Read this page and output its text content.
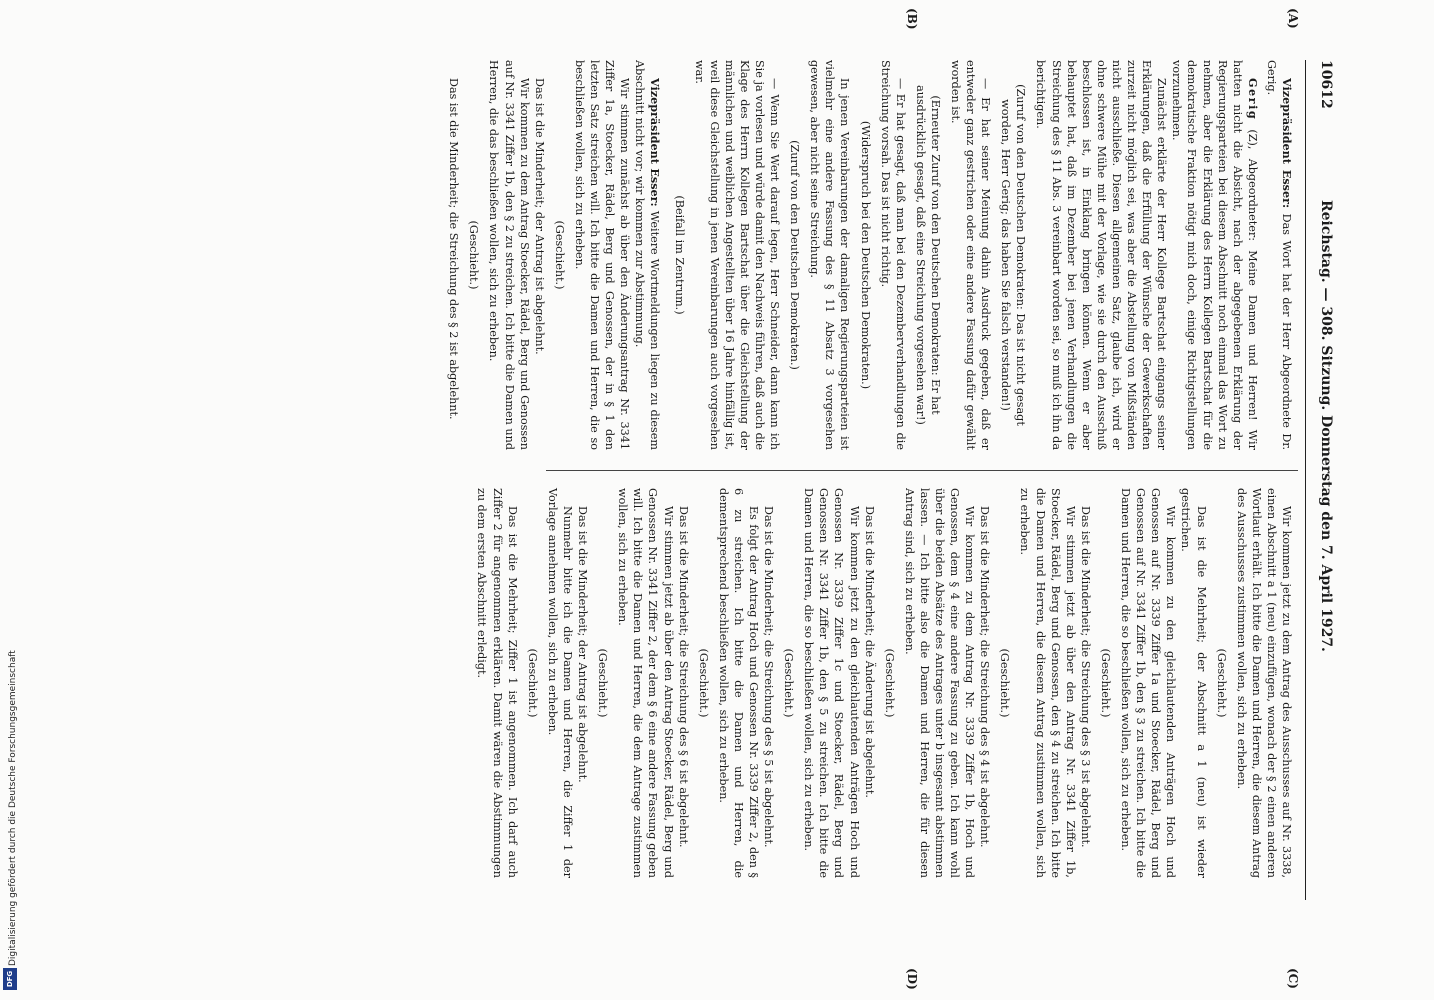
10612
Reichstag. — 308. Sitzung. Donnerstag den 7. April 1927.
(A)
(B)
(C)
(D)

Vizepräsident Esser: Das Wort hat der Herr Abgeordnete Dr. Gerig.

Gerig (Z), Abgeordneter: Meine Damen und Herren! Wir hatten nicht die Absicht, nach der abgegebenen Erklärung der Regierungsparteien bei diesem Abschnitt noch einmal das Wort zu nehmen, aber die Erklärung des Herrn Kollegen Bartschat für die demokratische Fraktion nötigt mich doch, einige Richtigstellungen vorzunehmen.

Zunächst erklärte der Herr Kollege Bartschat eingangs seiner Erklärungen, daß die Erfüllung der Wünsche der Gewerkschaften zurzeit nicht möglich sei, was aber die Abstellung von Mißständen nicht ausschließe. Diesen allgemeinen Satz, glaube ich, wird er ohne schwere Mühe mit der Vorlage, wie sie durch den Ausschuß beschlossen ist, in Einklang bringen können. Wenn er aber behauptet hat, daß im Dezember bei jenen Verhandlungen die Streichung des § 11 Abs. 3 vereinbart worden sei, so muß ich ihn da berichtigen.

(Zuruf von den Deutschen Demokraten: Das ist nicht gesagt worden, Herr Gerig; das haben Sie falsch verstanden!)

— Er hat seiner Meinung dahin Ausdruck gegeben, daß er entweder ganz gestrichen oder eine andere Fassung dafür gewählt worden ist.

(Erneuter Zuruf von den Deutschen Demokraten: Er hat ausdrücklich gesagt, daß eine Streichung vorgesehen war!)

— Er hat gesagt, daß man bei den Dezemberverhandlungen die Streichung vorsah. Das ist nicht richtig.

(Widerspruch bei den Deutschen Demokraten.)

In jenen Vereinbarungen der damaligen Regierungsparteien ist vielmehr eine andere Fassung des § 11 Absatz 3 vorgesehen gewesen, aber nicht seine Streichung.

(Zuruf von den Deutschen Demokraten.)

— Wenn Sie Wert darauf legen, Herr Schneider, dann kann ich Sie ja vorlesen und würde damit den Nachweis führen, daß auch die Klage des Herrn Kollegen Bartschat über die Gleichstellung der männlichen und weiblichen Angestellten über 16 Jahre hinfällig ist, weil diese Gleichstellung in jenen Vereinbarungen auch vorgesehen war.

(Beifall im Zentrum.)

Vizepräsident Esser: Weitere Wortmeldungen liegen zu diesem Abschnitt nicht vor; wir kommen zur Abstimmung.

Wir stimmen zunächst ab über den Änderungsantrag Nr. 3341 Ziffer 1a, Stoecker, Rädel, Berg und Genossen, der in § 1 den letzten Satz streichen will. Ich bitte die Damen und Herren, die so beschließen wollen, sich zu erheben.

(Geschieht.)

Das ist die Minderheit; der Antrag ist abgelehnt.

Wir kommen zu dem Antrag Stoecker, Rädel, Berg und Genossen auf Nr. 3341 Ziffer 1b, den § 2 zu streichen. Ich bitte die Damen und Herren, die das beschließen wollen, sich zu erheben.

(Geschieht.)

Das ist die Minderheit; die Streichung des § 2 ist abgelehnt.

Wir kommen jetzt zu dem Antrag des Ausschusses auf Nr. 3338, einen Abschnitt a 1 (neu) einzufügen, wonach der § 2 einen anderen Wortlaut erhält. Ich bitte die Damen und Herren, die diesem Antrag des Ausschusses zustimmen wollen, sich zu erheben.

(Geschieht.)

Das ist die Mehrheit; der Abschnitt a 1 (neu) ist wieder gestrichen.

Wir kommen zu den gleichlautenden Anträgen Hoch und Genossen auf Nr. 3339 Ziffer 1a und Stoecker, Rädel, Berg und Genossen auf Nr. 3341 Ziffer 1b, den § 3 zu streichen. Ich bitte die Damen und Herren, die so beschließen wollen, sich zu erheben.

(Geschieht.)

Das ist die Minderheit; die Streichung des § 3 ist abgelehnt.

Wir stimmen jetzt ab über den Antrag Nr. 3341 Ziffer 1b, Stoecker, Rädel, Berg und Genossen, den § 4 zu streichen. Ich bitte die Damen und Herren, die diesem Antrag zustimmen wollen, sich zu erheben.

(Geschieht.)

Das ist die Minderheit; die Streichung des § 4 ist abgelehnt.

Wir kommen zu dem Antrag Nr. 3339 Ziffer 1b, Hoch und Genossen, dem § 4 eine andere Fassung zu geben. Ich kann wohl über die beiden Absätze des Antrages unter b insgesamt abstimmen lassen. — Ich bitte also die Damen und Herren, die für diesen Antrag sind, sich zu erheben.

(Geschieht.)

Das ist die Minderheit; die Änderung ist abgelehnt.

Wir kommen jetzt zu den gleichlautenden Anträgen Hoch und Genossen Nr. 3339 Ziffer 1c und Stoecker, Rädel, Berg und Genossen Nr. 3341 Ziffer 1b, den § 5 zu streichen. Ich bitte die Damen und Herren, die so beschließen wollen, sich zu erheben.

(Geschieht.)

Das ist die Minderheit; die Streichung des § 5 ist abgelehnt.

Es folgt der Antrag Hoch und Genossen Nr. 3339 Ziffer 2, den § 6 zu streichen. Ich bitte die Damen und Herren, die dementsprechend beschließen wollen, sich zu erheben.

(Geschieht.)

Das ist die Minderheit; die Streichung des § 6 ist abgelehnt.

Wir stimmen jetzt ab über den Antrag Stoecker, Rädel, Berg und Genossen Nr. 3341 Ziffer 2, der dem § 6 eine andere Fassung geben will. Ich bitte die Damen und Herren, die dem Antrage zustimmen wollen, sich zu erheben.

(Geschieht.)

Das ist die Minderheit; der Antrag ist abgelehnt.

Nunmehr bitte ich die Damen und Herren, die Ziffer 1 der Vorlage annehmen wollen, sich zu erheben.

(Geschieht.)

Das ist die Mehrheit; Ziffer 1 ist angenommen. Ich darf auch Ziffer 2 für angenommen erklären. Damit wären die Abstimmungen zu dem ersten Abschnitt erledigt.

Digitalisierung gefördert durch die Deutsche Forschungsgemeinschaft
DFG
